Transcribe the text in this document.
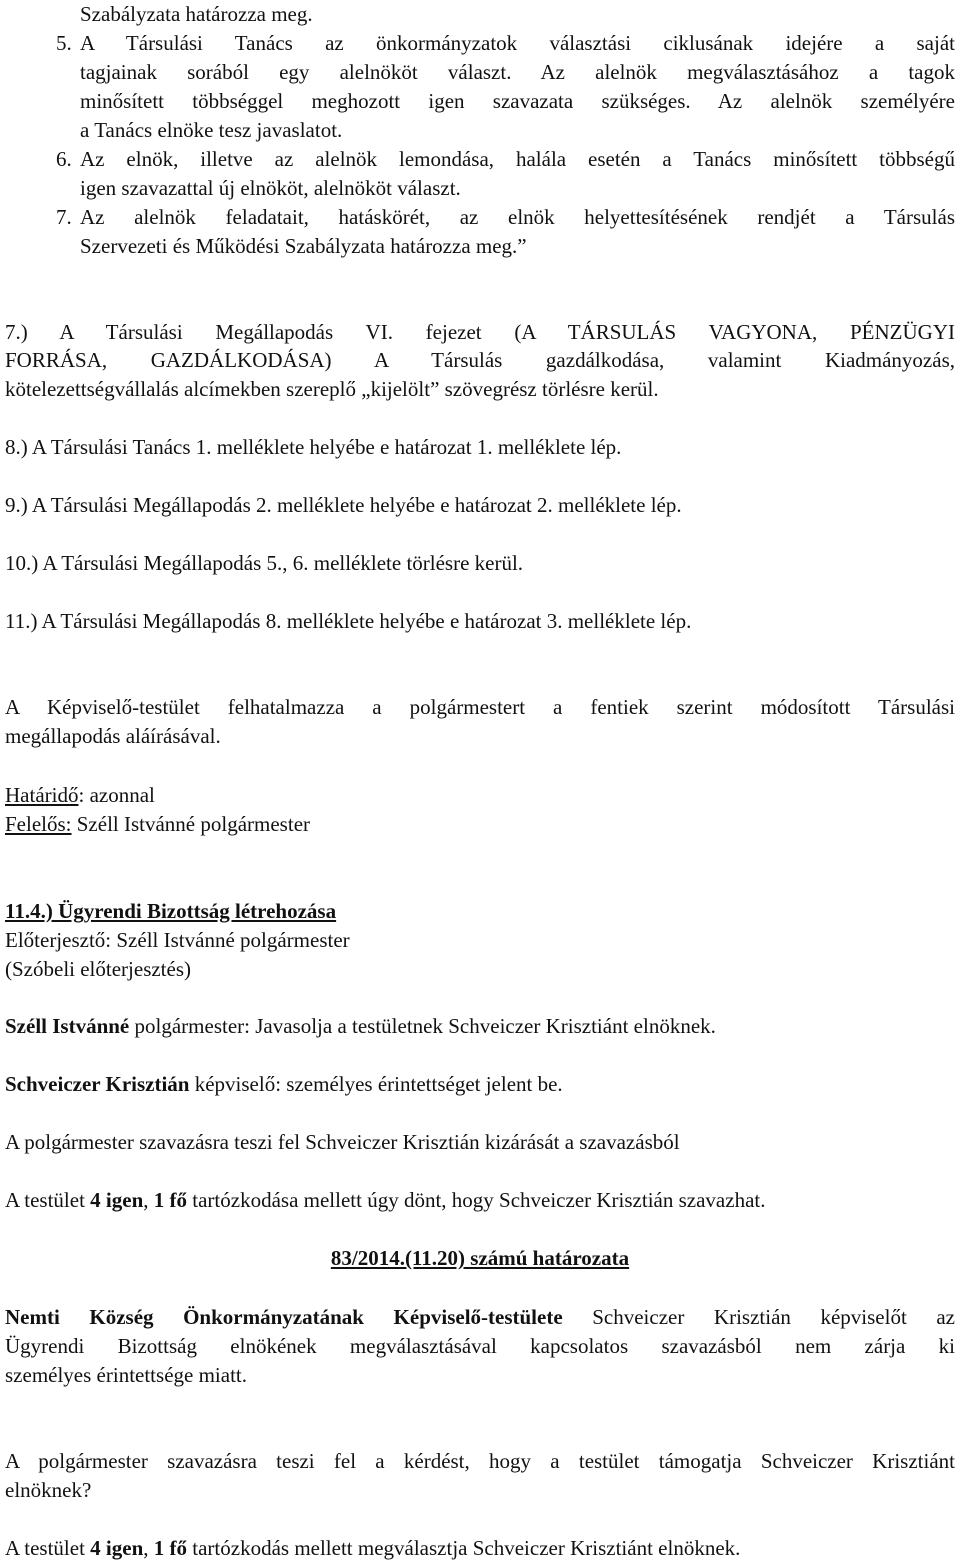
Szabályzata határozza meg.
5. A Társulási Tanács az önkormányzatok választási ciklusának idejére a saját
tagjainak sorából egy alelnököt választ. Az alelnök megválasztásához a tagok
minősített többséggel meghozott igen szavazata szükséges. Az alelnök személyére
a Tanács elnöke tesz javaslatot.
6. Az elnök, illetve az alelnök lemondása, halála esetén a Tanács minősített többségű
igen szavazattal új elnököt, alelnököt választ.
7. Az alelnök feladatait, hatáskörét, az elnök helyettesítésének rendjét a Társulás
Szervezeti és Működési Szabályzata határozza meg.”
7.) A Társulási Megállapodás VI. fejezet (A TÁRSULÁS VAGYONA, PÉNZÜGYI
FORRÁSA, GAZDÁLKODÁSA) A Társulás gazdálkodása, valamint Kiadmányozás,
kötelezettségvállalás alcímekben szereplő „kijelölt” szövegrész törlésre kerül.
8.) A Társulási Tanács 1. melléklete helyébe e határozat 1. melléklete lép.
9.) A Társulási Megállapodás 2. melléklete helyébe e határozat 2. melléklete lép.
10.) A Társulási Megállapodás 5., 6. melléklete törlésre kerül.
11.) A Társulási Megállapodás 8. melléklete helyébe e határozat 3. melléklete lép.
A Képviselő-testület felhatalmazza a polgármestert a fentiek szerint módosított Társulási
megállapodás aláírásával.
Határidő: azonnal
Felelős: Széll Istvánné polgármester
11.4.) Ügyrendi Bizottság létrehozása
Előterjesztő: Széll Istvánné polgármester
(Szóbeli előterjesztés)
Széll Istvánné polgármester: Javasolja a testületnek Schveiczer Krisztiánt elnöknek.
Schveiczer Krisztián képviselő: személyes érintettséget jelent be.
A polgármester szavazásra teszi fel Schveiczer Krisztián kizárását a szavazásból
A testület 4 igen, 1 fő tartózkodása mellett úgy dönt, hogy Schveiczer Krisztián szavazhat.
83/2014.(11.20) számú határozata
Nemti Község Önkormányzatának Képviselő-testülete Schveiczer Krisztián képviselőt az
Ügyrendi Bizottság elnökének megválasztásával kapcsolatos szavazásból nem zárja ki
személyes érintettsége miatt.
A polgármester szavazásra teszi fel a kérdést, hogy a testület támogatja Schveiczer Krisztiánt
elnöknek?
A testület 4 igen, 1 fő tartózkodás mellett megválasztja Schveiczer Krisztiánt elnöknek.
